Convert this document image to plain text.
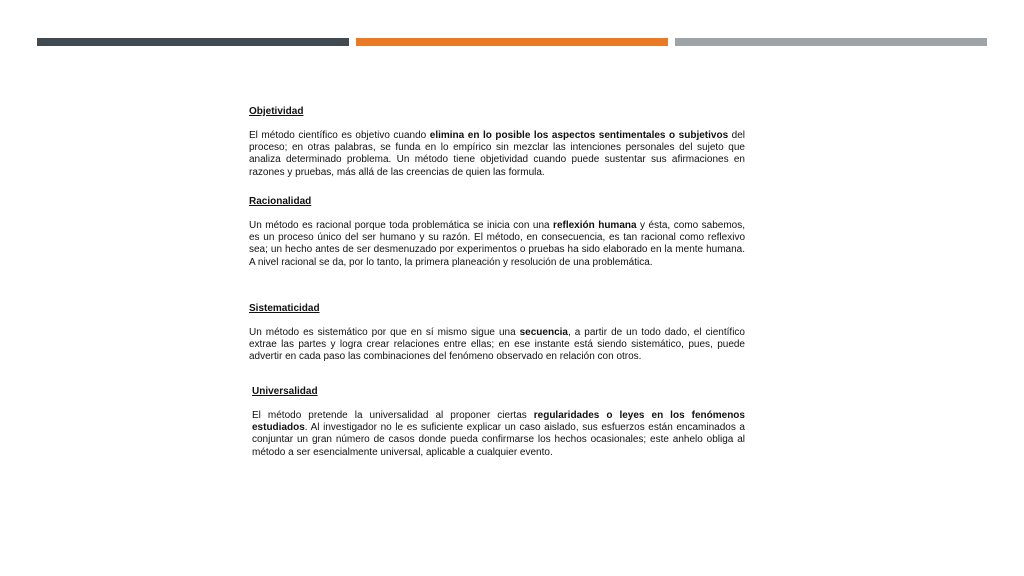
Objetividad

El método científico es objetivo cuando elimina en lo posible los aspectos sentimentales o subjetivos del proceso; en otras palabras, se funda en lo empírico sin mezclar las intenciones personales del sujeto que analiza determinado problema. Un método tiene objetividad cuando puede sustentar sus afirmaciones en razones y pruebas, más allá de las creencias de quien las formula.

Racionalidad

Un método es racional porque toda problemática se inicia con una reflexión humana y ésta, como sabemos, es un proceso único del ser humano y su razón. El método, en consecuencia, es tan racional como reflexivo sea; un hecho antes de ser desmenuzado por experimentos o pruebas ha sido elaborado en la mente humana. A nivel racional se da, por lo tanto, la primera planeación y resolución de una problemática.

Sistematicidad

Un método es sistemático por que en sí mismo sigue una secuencia, a partir de un todo dado, el científico extrae las partes y logra crear relaciones entre ellas; en ese instante está siendo sistemático, pues, puede advertir en cada paso las combinaciones del fenómeno observado en relación con otros.

Universalidad

El método pretende la universalidad al proponer ciertas regularidades o leyes en los fenómenos estudiados. Al investigador no le es suficiente explicar un caso aislado, sus esfuerzos están encaminados a conjuntar un gran número de casos donde pueda confirmarse los hechos ocasionales; este anhelo obliga al método a ser esencialmente universal, aplicable a cualquier evento.
